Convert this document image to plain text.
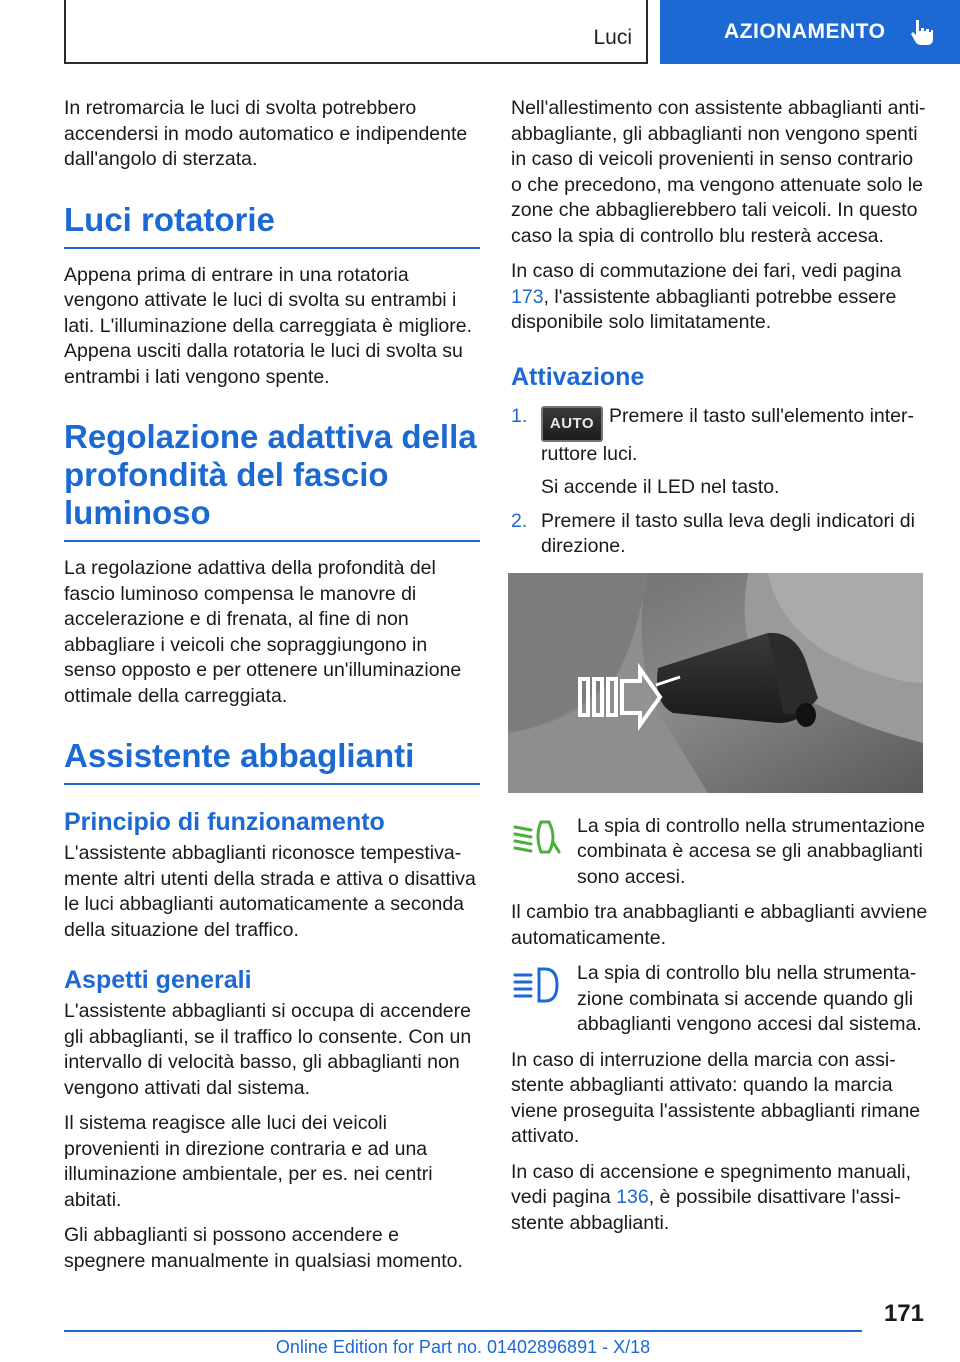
Luci	AZIONAMENTO

In retromarcia le luci di svolta potrebbero accendersi in modo automatico e indipendente dall'angolo di sterzata.

Luci rotatorie

Appena prima di entrare in una rotatoria vengono attivate le luci di svolta su entrambi i lati. L'illuminazione della carreggiata è migliore. Appena usciti dalla rotatoria le luci di svolta su entrambi i lati vengono spente.

Regolazione adattiva della profondità del fascio luminoso

La regolazione adattiva della profondità del fascio luminoso compensa le manovre di accelerazione e di frenata, al fine di non abbagliare i veicoli che sopraggiungono in senso opposto e per ottenere un'illuminazione ottimale della carreggiata.

Assistente abbaglianti
Principio di funzionamento

L'assistente abbaglianti riconosce tempestivamente altri utenti della strada e attiva o disattiva le luci abbaglianti automaticamente a seconda della situazione del traffico.

Aspetti generali

L'assistente abbaglianti si occupa di accendere gli abbaglianti, se il traffico lo consente. Con un intervallo di velocità basso, gli abbaglianti non vengono attivati dal sistema.

Il sistema reagisce alle luci dei veicoli provenienti in direzione contraria e ad una illuminazione ambientale, per es. nei centri abitati.

Gli abbaglianti si possono accendere e spegnere manualmente in qualsiasi momento.

Nell'allestimento con assistente abbaglianti antiabbagliante, gli abbaglianti non vengono spenti in caso di veicoli provenienti in senso contrario o che precedono, ma vengono attenuate solo le zone che abbaglierebbero tali veicoli. In questo caso la spia di controllo blu resterà accesa.

In caso di commutazione dei fari, vedi pagina 173, l'assistente abbaglianti potrebbe essere disponibile solo limitatamente.

Attivazione
1.	AUTO Premere il tasto sull'elemento interruttore luci.

Si accende il LED nel tasto.

2. Premere il tasto sulla leva degli indicatori di direzione.

La spia di controllo nella strumentazione combinata è accesa se gli anabbaglianti sono accesi.

Il cambio tra anabbaglianti e abbaglianti avviene automaticamente.

La spia di controllo blu nella strumentazione combinata si accende quando gli abbaglianti vengono accesi dal sistema.

In caso di interruzione della marcia con assistente abbaglianti attivato: quando la marcia viene proseguita l'assistente abbaglianti rimane attivato.

In caso di accensione e spegnimento manuali, vedi pagina 136, è possibile disattivare l'assistente abbaglianti.

171
Online Edition for Part no. 01402896891 - X/18
